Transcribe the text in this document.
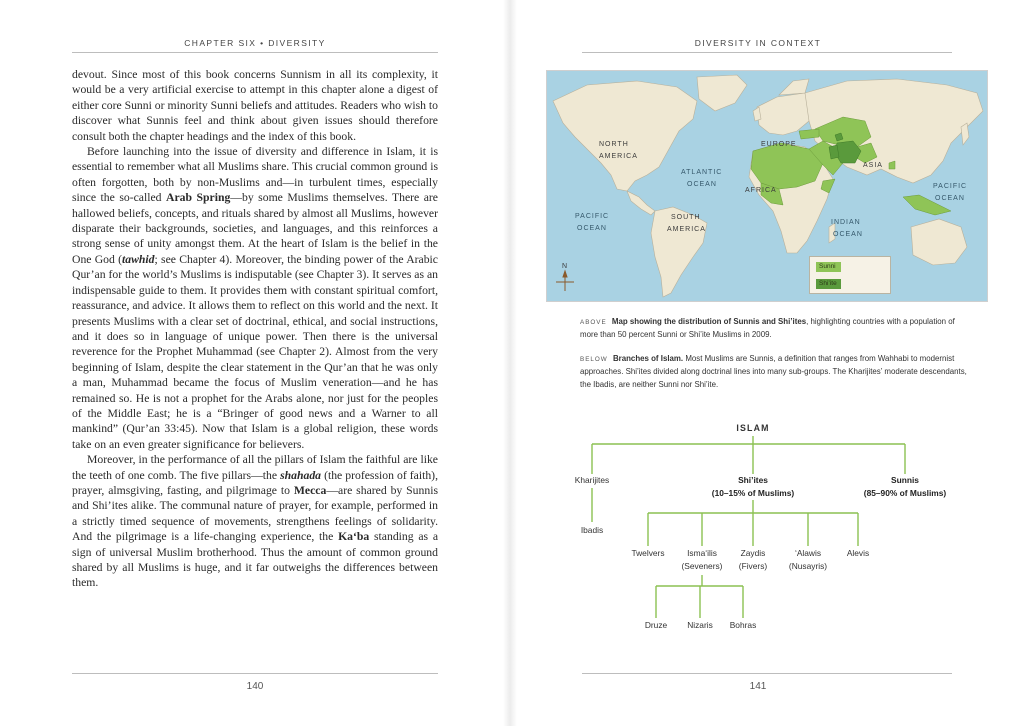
CHAPTER SIX • DIVERSITY

devout. Since most of this book concerns Sunnism in all its complexity, it would be a very artificial exercise to attempt in this chapter alone a digest of either core Sunni or minority Sunni beliefs and attitudes. Readers who wish to discover what Sunnis feel and think about given issues should therefore consult both the chapter headings and the index of this book.

Before launching into the issue of diversity and difference in Islam, it is essential to remember what all Muslims share. This crucial common ground is often forgotten, both by non-Muslims and—in turbulent times, especially since the so-called Arab Spring—by some Muslims themselves. There are hallowed beliefs, concepts, and rituals shared by almost all Muslims, however disparate their backgrounds, societies, and languages, and this reinforces a strong sense of unity amongst them. At the heart of Islam is the belief in the One God (tawhid; see Chapter 4). Moreover, the binding power of the Arabic Qur’an for the world’s Muslims is indisputable (see Chapter 3). It serves as an indispensable guide to them. It provides them with constant spiritual comfort, reassurance, and advice. It allows them to reflect on this world and the next. It presents Muslims with a clear set of doctrinal, ethical, and social instructions, and it does so in language of unique power. Then there is the universal reverence for the Prophet Muhammad (see Chapter 2). Almost from the very beginning of Islam, despite the clear statement in the Qur’an that he was only a man, Muhammad became the focus of Muslim veneration—and he has remained so. He is not a prophet for the Arabs alone, nor just for the peoples of the Middle East; he is a “Bringer of good news and a Warner to all mankind” (Qur’an 33:45). Now that Islam is a global religion, these words take on an even greater significance for believers.

Moreover, in the performance of all the pillars of Islam the faithful are like the teeth of one comb. The five pillars—the shahada (the profession of faith), prayer, almsgiving, fasting, and pilgrimage to Mecca—are shared by Sunnis and Shi’ites alike. The communal nature of prayer, for example, performed in a strictly timed sequence of movements, strengthens feelings of solidarity. And the pilgrimage is a life-changing experience, the Ka‘ba standing as a sign of universal Muslim brotherhood. Thus the amount of common ground shared by all Muslims is huge, and it far outweighs the differences between them.

140
DIVERSITY IN CONTEXT
NORTH
AMERICA
EUROPE
ASIA
AFRICA
SOUTH
AMERICA
ATLANTIC
OCEAN
PACIFIC
OCEAN
PACIFIC
OCEAN
INDIAN
OCEAN
N	Sunni
Shi’ite
ABOVE Map showing the distribution of Sunnis and Shi’ites, highlighting countries with a population of more than 50 percent Sunni or Shi’ite Muslims in 2009.
BELOW Branches of Islam. Most Muslims are Sunnis, a definition that ranges from Wahhabi to modernist approaches. Shi’ites divided along doctrinal lines into many sub-groups. The Kharijites’ moderate descendants, the Ibadis, are neither Sunni nor Shi’ite.
ISLAM
Kharijites
Ibadis
Shi’ites
(10–15% of Muslims)
Sunnis
(85–90% of Muslims)
Twelvers	Isma‘ilis
(Seveners)
Zaydis
(Fivers)
‘Alawis
(Nusayris)
Alevis
Druze	Nizaris	Bohras
141
